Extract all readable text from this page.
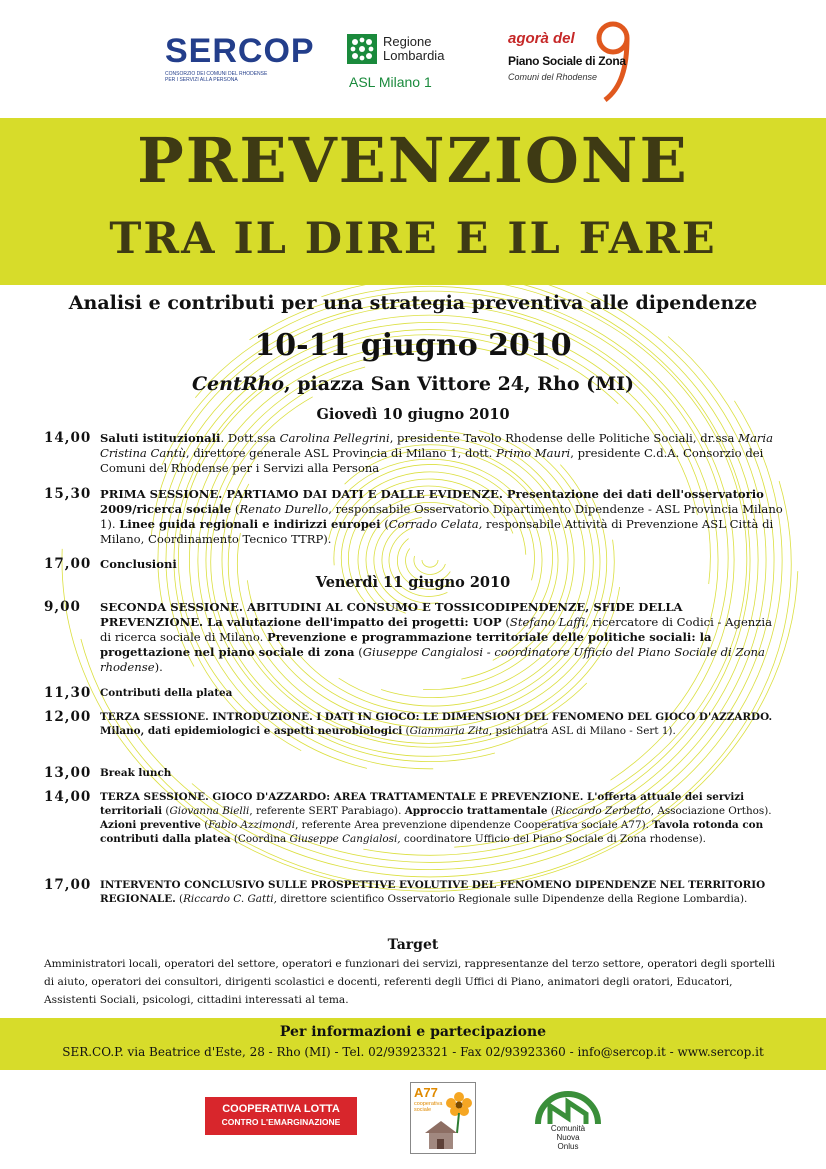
SERCOP
CONSORZIO DEI COMUNI DEL RHODENSE
PER I SERVIZI ALLA PERSONA
Regione
Lombardia
ASL Milano 1
agorà del
Piano Sociale di Zona
Comuni del Rhodense
PREVENZIONE
TRA IL DIRE E IL FARE
Analisi e contributi per una strategia preventiva alle dipendenze
10-11 giugno 2010
CentRho, piazza San Vittore 24, Rho (MI)
Giovedì 10 giugno 2010
14,00 Saluti istituzionali. Dott.ssa Carolina Pellegrini, presidente Tavolo Rhodense delle Politiche Sociali, dr.ssa Maria Cristina Cantù, direttore generale ASL Provincia di Milano 1, dott. Primo Mauri, presidente C.d.A. Consorzio dei Comuni del Rhodense per i Servizi alla Persona
15,30 PRIMA SESSIONE. PARTIAMO DAI DATI E DALLE EVIDENZE. Presentazione dei dati dell'osservatorio 2009/ricerca sociale (Renato Durello, responsabile Osservatorio Dipartimento Dipendenze - ASL Provincia Milano 1). Linee guida regionali e indirizzi europei (Corrado Celata, responsabile Attività di Prevenzione ASL Città di Milano, Coordinamento Tecnico TTRP).
17,00 Conclusioni
Venerdì 11 giugno 2010
9,00	SECONDA SESSIONE. ABITUDINI AL CONSUMO E TOSSICODIPENDENZE, SFIDE DELLA PREVENZIONE. La valutazione dell'impatto dei progetti: UOP (Stefano Laffi, ricercatore di Codici - Agenzia di ricerca sociale di Milano. Prevenzione e programmazione territoriale delle politiche sociali: la progettazione nel piano sociale di zona (Giuseppe Cangialosi - coordinatore Ufficio del Piano Sociale di Zona rhodense).
11,30 Contributi della platea
12,00 TERZA SESSIONE. INTRODUZIONE. I DATI IN GIOCO: LE DIMENSIONI DEL FENOMENO DEL GIOCO D'AZZARDO. Milano, dati epidemiologici e aspetti neurobiologici (Gianmaria Zita, psichiatra ASL di Milano - Sert 1).
13,00 Break lunch
14,00 TERZA SESSIONE. GIOCO D'AZZARDO: AREA TRATTAMENTALE E PREVENZIONE. L'offerta attuale dei servizi territoriali (Giovanna Bielli, referente SERT Parabiago). Approccio trattamentale (Riccardo Zerbetto, Associazione Orthos). Azioni preventive (Fabio Azzimondi, referente Area prevenzione dipendenze Cooperativa sociale A77). Tavola rotonda con contributi dalla platea (Coordina Giuseppe Cangialosi, coordinatore Ufficio del Piano Sociale di Zona rhodense).
17,00 INTERVENTO CONCLUSIVO SULLE PROSPETTIVE EVOLUTIVE DEL FENOMENO DIPENDENZE NEL TERRITORIO REGIONALE. (Riccardo C. Gatti, direttore scientifico Osservatorio Regionale sulle Dipendenze della Regione Lombardia).
Target
Amministratori locali, operatori del settore, operatori e funzionari dei servizi, rappresentanze del terzo settore, operatori degli sportelli di aiuto, operatori dei consultori, dirigenti scolastici e docenti, referenti degli Uffici di Piano, animatori degli oratori, Educatori, Assistenti Sociali, psicologi, cittadini interessati al tema.
Per informazioni e partecipazione
SER.CO.P. via Beatrice d'Este, 28 - Rho (MI) - Tel. 02/93923321 - Fax 02/93923360 - info@sercop.it - www.sercop.it
COOPERATIVA LOTTA
CONTRO L'EMARGINAZIONE
A77
cooperativa sociale
Comunità
Nuova
Onlus
